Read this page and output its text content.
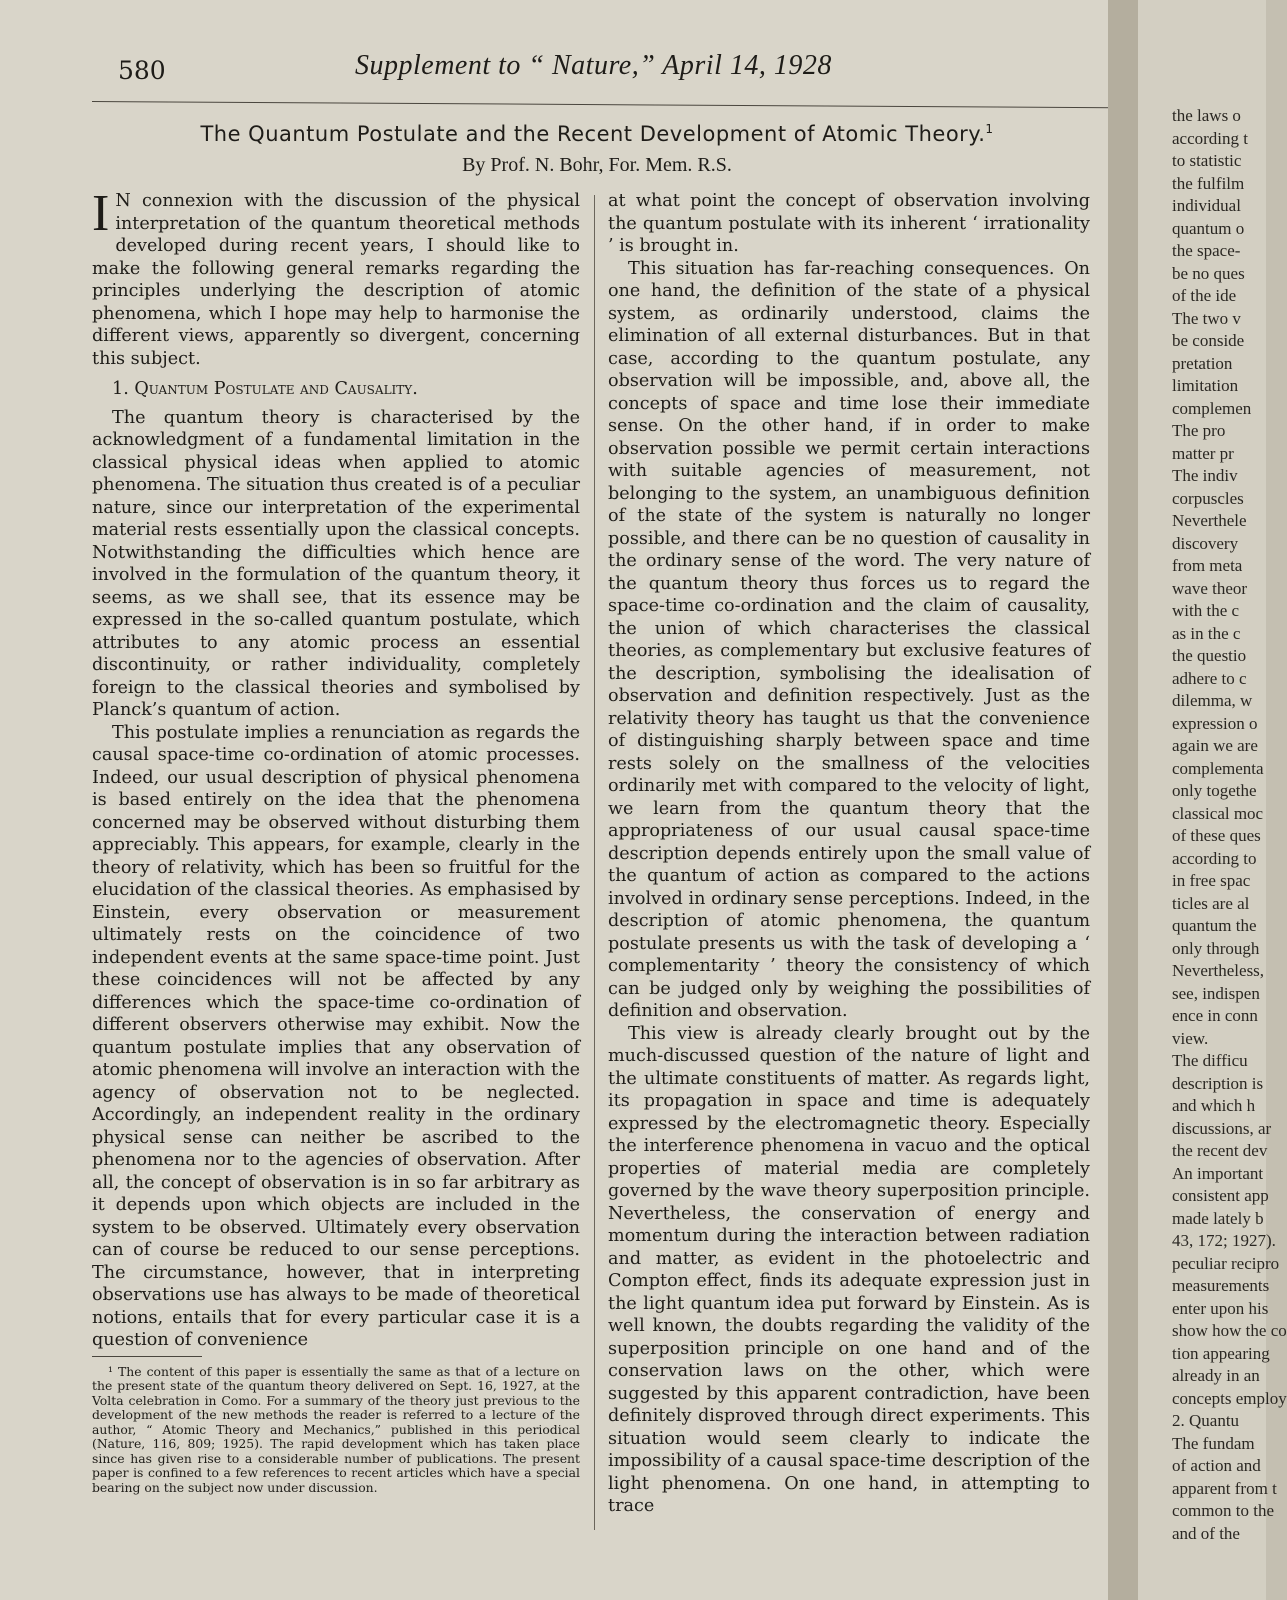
580	Supplement to “ Nature,” April 14, 1928
The Quantum Postulate and the Recent Development of Atomic Theory.$^1$
By Prof. N. Bohr, For. Mem. R.S.

I N connexion with the discussion of the physical interpretation of the quantum theoretical methods developed during recent years, I should like to make the following general remarks regarding the principles underlying the description of atomic phenomena, which I hope may help to harmonise the different views, apparently so divergent, concerning this subject.

1. Quantum Postulate and Causality.

The quantum theory is characterised by the acknowledgment of a fundamental limitation in the classical physical ideas when applied to atomic phenomena. The situation thus created is of a peculiar nature, since our interpretation of the experimental material rests essentially upon the classical concepts. Notwithstanding the difficulties which hence are involved in the formulation of the quantum theory, it seems, as we shall see, that its essence may be expressed in the so-called quantum postulate, which attributes to any atomic process an essential discontinuity, or rather individuality, completely foreign to the classical theories and symbolised by Planck’s quantum of action.

This postulate implies a renunciation as regards the causal space-time co-ordination of atomic processes. Indeed, our usual description of physical phenomena is based entirely on the idea that the phenomena concerned may be observed without disturbing them appreciably. This appears, for example, clearly in the theory of relativity, which has been so fruitful for the elucidation of the classical theories. As emphasised by Einstein, every observation or measurement ultimately rests on the coincidence of two independent events at the same space-time point. Just these coincidences will not be affected by any differences which the space-time co-ordination of different observers otherwise may exhibit. Now the quantum postulate implies that any observation of atomic phenomena will involve an interaction with the agency of observation not to be neglected. Accordingly, an independent reality in the ordinary physical sense can neither be ascribed to the phenomena nor to the agencies of observation. After all, the concept of observation is in so far arbitrary as it depends upon which objects are included in the system to be observed. Ultimately every observation can of course be reduced to our sense perceptions. The circumstance, however, that in interpreting observations use has always to be made of theoretical notions, entails that for every particular case it is a question of convenience

¹ The content of this paper is essentially the same as that of a lecture on the present state of the quantum theory delivered on Sept. 16, 1927, at the Volta celebration in Como. For a summary of the theory just previous to the development of the new methods the reader is referred to a lecture of the author, “ Atomic Theory and Mechanics,” published in this periodical (Nature, 116, 809; 1925). The rapid development which has taken place since has given rise to a considerable number of publications. The present paper is confined to a few references to recent articles which have a special bearing on the subject now under discussion.

at what point the concept of observation involving the quantum postulate with its inherent ‘ irrationality ’ is brought in.

This situation has far-reaching consequences. On one hand, the definition of the state of a physical system, as ordinarily understood, claims the elimination of all external disturbances. But in that case, according to the quantum postulate, any observation will be impossible, and, above all, the concepts of space and time lose their immediate sense. On the other hand, if in order to make observation possible we permit certain interactions with suitable agencies of measurement, not belonging to the system, an unambiguous definition of the state of the system is naturally no longer possible, and there can be no question of causality in the ordinary sense of the word. The very nature of the quantum theory thus forces us to regard the space-time co-ordination and the claim of causality, the union of which characterises the classical theories, as complementary but exclusive features of the description, symbolising the idealisation of observation and definition respectively. Just as the relativity theory has taught us that the convenience of distinguishing sharply between space and time rests solely on the smallness of the velocities ordinarily met with compared to the velocity of light, we learn from the quantum theory that the appropriateness of our usual causal space-time description depends entirely upon the small value of the quantum of action as compared to the actions involved in ordinary sense perceptions. Indeed, in the description of atomic phenomena, the quantum postulate presents us with the task of developing a ‘ complementarity ’ theory the consistency of which can be judged only by weighing the possibilities of definition and observation.

This view is already clearly brought out by the much-discussed question of the nature of light and the ultimate constituents of matter. As regards light, its propagation in space and time is adequately expressed by the electromagnetic theory. Especially the interference phenomena in vacuo and the optical properties of material media are completely governed by the wave theory superposition principle. Nevertheless, the conservation of energy and momentum during the interaction between radiation and matter, as evident in the photoelectric and Compton effect, finds its adequate expression just in the light quantum idea put forward by Einstein. As is well known, the doubts regarding the validity of the superposition principle on one hand and of the conservation laws on the other, which were suggested by this apparent contradiction, have been definitely disproved through direct experiments. This situation would seem clearly to indicate the impossibility of a causal space-time description of the light phenomena. On one hand, in attempting to trace

the laws o
according t
to statistic
the fulfilm
individual
quantum o
the space-
be no ques
of the ide
The two v
be conside
pretation
limitation
complemen
The pro
matter pr
The indiv
corpuscles
Neverthele
discovery
from meta
wave theor
with the c
as in the c
the questio
adhere to c
dilemma, w
expression o
again we are
complementa
only togethe
classical moc
of these ques
according to
in free spac
ticles are al
quantum the
only through
Nevertheless,
see, indispen
ence in conn
view.
The difficu
description is
and which h
discussions, ar
the recent dev
An important
consistent app
made lately b
43, 172; 1927).
peculiar recipro
measurements
enter upon his
show how the co
tion appearing
already in an
concepts employ
2. Quantu
The fundam
of action and
apparent from t
common to the
and of the
